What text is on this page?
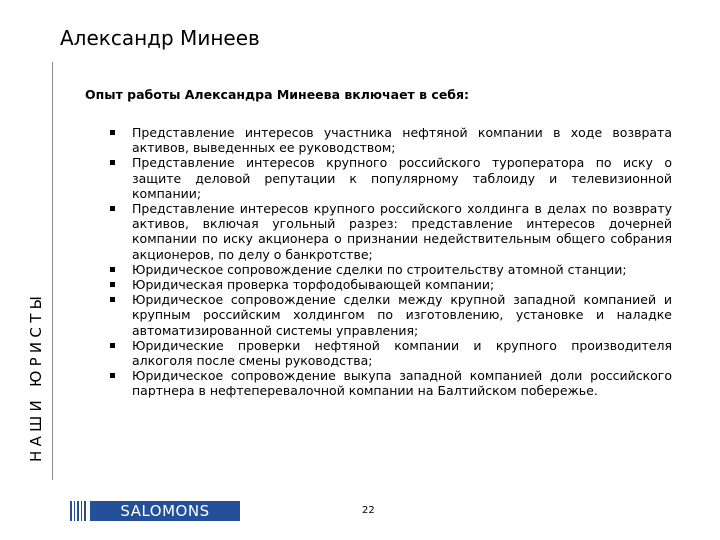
Александр Минеев
НАШИ ЮРИСТЫ
Опыт работы Александра Минеева включает в себя:
Представление интересов участника нефтяной компании в ходе возврата активов, выведенных ее руководством;
Представление интересов крупного российского туроператора по иску о защите деловой репутации к популярному таблоиду и телевизионной компании;
Представление интересов крупного российского холдинга в делах по возврату активов, включая угольный разрез: представление интересов дочерней компании по иску акционера о признании недействительным общего собрания акционеров, по делу о банкротстве;
Юридическое сопровождение сделки по строительству атомной станции;
Юридическая проверка торфодобывающей компании;
Юридическое сопровождение сделки между крупной западной компанией и крупным российским холдингом по изготовлению, установке и наладке автоматизированной системы управления;
Юридические проверки нефтяной компании и крупного производителя алкоголя после смены руководства;
Юридическое сопровождение выкупа западной компанией доли российского партнера в нефтеперевалочной компании на Балтийском побережье.
SALOMONS	22
